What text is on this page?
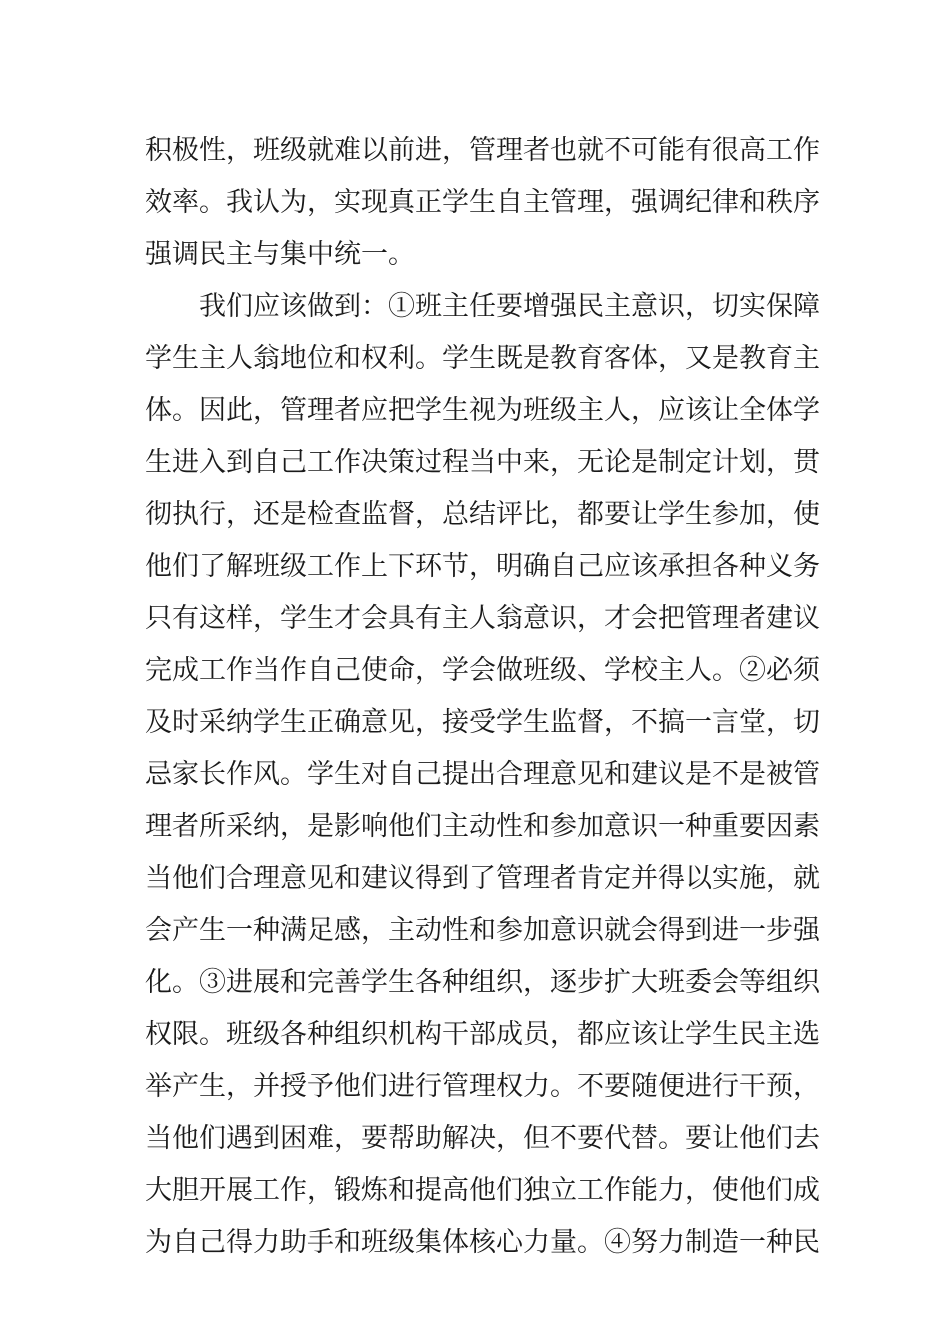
积极性，班级就难以前进，管理者也就不可能有很高工作
效率。我认为，实现真正学生自主管理，强调纪律和秩序
强调民主与集中统一。
我们应该做到：①班主任要增强民主意识，切实保障
学生主人翁地位和权利。学生既是教育客体，又是教育主
体。因此，管理者应把学生视为班级主人，应该让全体学
生进入到自己工作决策过程当中来，无论是制定计划，贯
彻执行，还是检查监督，总结评比，都要让学生参加，使
他们了解班级工作上下环节，明确自己应该承担各种义务
只有这样，学生才会具有主人翁意识，才会把管理者建议
完成工作当作自己使命，学会做班级、学校主人。②必须
及时采纳学生正确意见，接受学生监督，不搞一言堂，切
忌家长作风。学生对自己提出合理意见和建议是不是被管
理者所采纳，是影响他们主动性和参加意识一种重要因素
当他们合理意见和建议得到了管理者肯定并得以实施，就
会产生一种满足感，主动性和参加意识就会得到进一步强
化。③进展和完善学生各种组织，逐步扩大班委会等组织
权限。班级各种组织机构干部成员，都应该让学生民主选
举产生，并授予他们进行管理权力。不要随便进行干预，
当他们遇到困难，要帮助解决，但不要代替。要让他们去
大胆开展工作，锻炼和提高他们独立工作能力，使他们成
为自己得力助手和班级集体核心力量。④努力制造一种民
